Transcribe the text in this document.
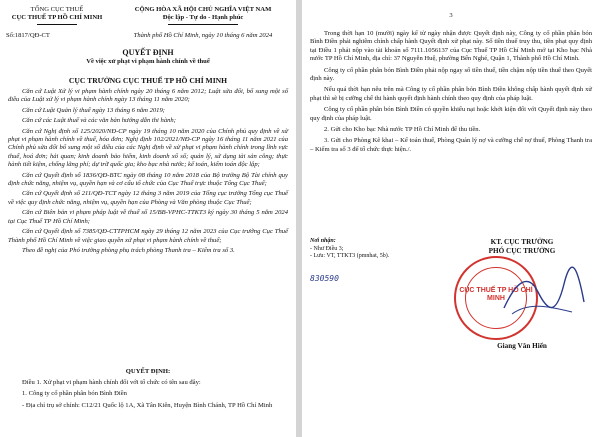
TỔNG CỤC THUẾ
CỤC THUẾ TP HỒ CHÍ MINH
Số:1817/QĐ-CT
CỘNG HÒA XÃ HỘI CHỦ NGHĨA VIỆT NAM
Độc lập - Tự do - Hạnh phúc
Thành phố Hồ Chí Minh, ngày 10 tháng 6 năm 2024
QUYẾT ĐỊNH
Về việc xử phạt vi phạm hành chính về thuế
CỤC TRƯỞNG CỤC THUẾ TP HỒ CHÍ MINH
Căn cứ Luật Xử lý vi phạm hành chính ngày 20 tháng 6 năm 2012; Luật sửa đổi, bổ sung một số điều của Luật xử lý vi phạm hành chính ngày 13 tháng 11 năm 2020;
Căn cứ Luật Quản lý thuế ngày 13 tháng 6 năm 2019;
Căn cứ các Luật thuế và các văn bản hướng dẫn thi hành;
Căn cứ Nghị định số 125/2020/NĐ-CP ngày 19 tháng 10 năm 2020 của Chính phủ quy định về xử phạt vi phạm hành chính về thuế, hóa đơn; Nghị định 102/2021/NĐ-CP ngày 16 tháng 11 năm 2021 của Chính phủ sửa đổi bổ sung một số điều của các Nghị định về xử phạt vi phạm hành chính trong lĩnh vực thuế, hoá đơn; hải quan; kinh doanh bảo hiểm, kinh doanh xổ số; quản lý, sử dụng tài sản công; thực hành tiết kiệm, chống lãng phí; dự trữ quốc gia; kho bạc nhà nước; kế toán, kiểm toán độc lập;
Căn cứ Quyết định số 1836/QĐ-BTC ngày 08 tháng 10 năm 2018 của Bộ trưởng Bộ Tài chính quy định chức năng, nhiệm vụ, quyền hạn và cơ cấu tổ chức của Cục Thuế trực thuộc Tổng Cục Thuế;
Căn cứ Quyết định số 211/QĐ-TCT ngày 12 tháng 3 năm 2019 của Tổng cục trưởng Tổng cục Thuế về việc quy định chức năng, nhiệm vụ, quyền hạn của Phòng và Văn phòng thuộc Cục Thuế;
Căn cứ Biên bản vi phạm pháp luật về thuế số 15/BB-VPHC-TTKT3 ký ngày 30 tháng 5 năm 2024 tại Cục Thuế TP Hồ Chí Minh;
Căn cứ Quyết định số 7385/QĐ-CTTPHCM ngày 29 tháng 12 năm 2023 của Cục trưởng Cục Thuế Thành phố Hồ Chí Minh về việc giao quyền xử phạt vi phạm hành chính về thuế;
Theo đề nghị của Phó trưởng phòng phụ trách phòng Thanh tra – Kiểm tra số 3.
QUYẾT ĐỊNH:
Điều 1. Xử phạt vi phạm hành chính đối với tổ chức có tên sau đây:
1. Công ty cổ phần phân bón Bình Điền
- Địa chỉ trụ sở chính: C12/21 Quốc lộ 1A, Xã Tân Kiên, Huyện Bình Chánh, TP Hồ Chí Minh
3
Trong thời hạn 10 (mười) ngày kể từ ngày nhận được Quyết định này, Công ty cổ phần phân bón Bình Điền phải nghiêm chỉnh chấp hành Quyết định xử phạt này. Số tiền thuế truy thu, tiền phạt quy định tại Điều 1 phải nộp vào tài khoản số 7111.1056137 của Cục Thuế TP Hồ Chí Minh mở tại Kho bạc Nhà nước TP Hồ Chí Minh, địa chỉ: 37 Nguyễn Huệ, phường Bến Nghé, Quận 1, Thành phố Hồ Chí Minh.
Công ty cổ phần phân bón Bình Điền phải nộp ngay số tiền thuế, tiền chậm nộp tiền thuế theo Quyết định này.
Nếu quá thời hạn nêu trên mà Công ty cổ phần phân bón Bình Điền không chấp hành quyết định xử phạt thì sẽ bị cưỡng chế thi hành quyết định hành chính theo quy định của pháp luật.
Công ty cổ phần phân bón Bình Điền có quyền khiếu nại hoặc khởi kiện đối với Quyết định này theo quy định của pháp luật.
2. Gửi cho Kho bạc Nhà nước TP Hồ Chí Minh để thu tiền.
3. Gửi cho Phòng Kê khai – Kế toán thuế, Phòng Quản lý nợ và cưỡng chế nợ thuế, Phòng Thanh tra – Kiểm tra số 3 để tổ chức thực hiện./.
Nơi nhận:
- Như Điều 3;
- Lưu: VT, TTKT3 (pmnhat, 5b).
830590
KT. CỤC TRƯỞNG
PHÓ CỤC TRƯỞNG
CỤC THUẾ TP HỒ CHÍ MINH
Giang Văn Hiển
